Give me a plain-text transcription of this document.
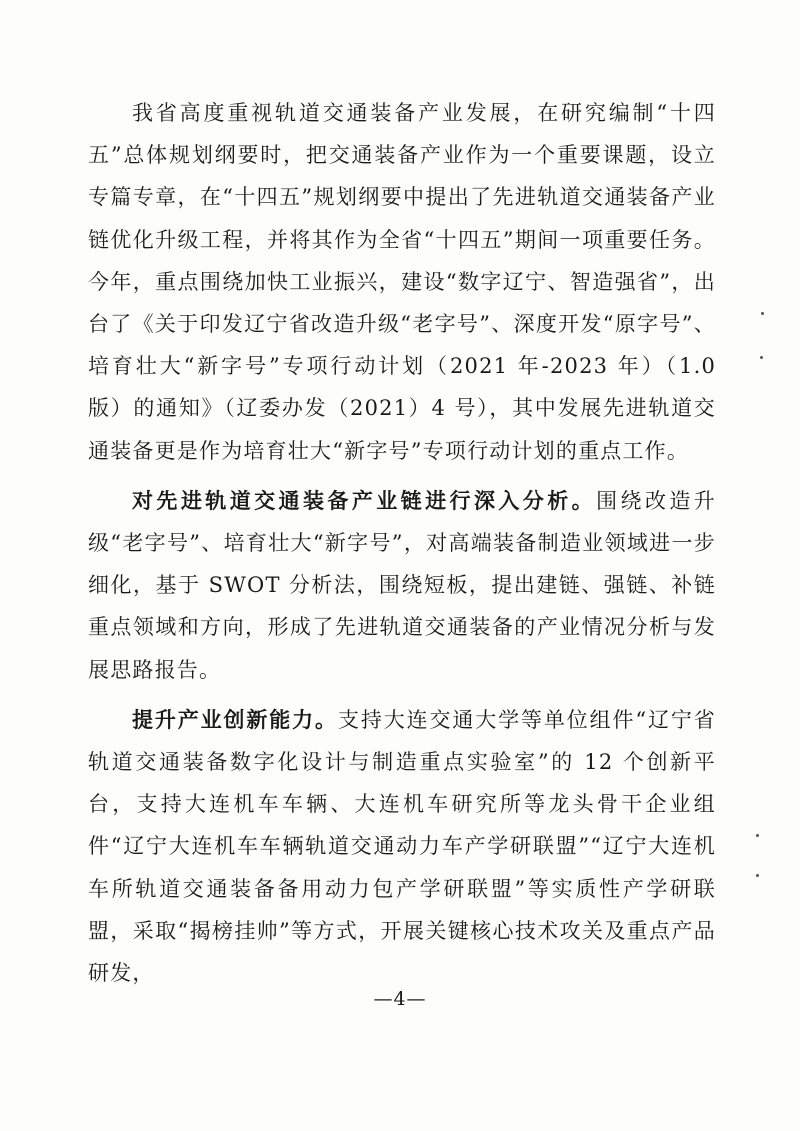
我省高度重视轨道交通装备产业发展，在研究编制“十四五”总体规划纲要时，把交通装备产业作为一个重要课题，设立专篇专章，在“十四五”规划纲要中提出了先进轨道交通装备产业链优化升级工程，并将其作为全省“十四五”期间一项重要任务。今年，重点围绕加快工业振兴，建设“数字辽宁、智造强省”，出台了《关于印发辽宁省改造升级“老字号”、深度开发“原字号”、培育壮大“新字号”专项行动计划（2021 年-2023 年）（1.0 版）的通知》（辽委办发（2021）4 号），其中发展先进轨道交通装备更是作为培育壮大“新字号”专项行动计划的重点工作。

对先进轨道交通装备产业链进行深入分析。围绕改造升级“老字号”、培育壮大“新字号”，对高端装备制造业领域进一步细化，基于 SWOT 分析法，围绕短板，提出建链、强链、补链重点领域和方向，形成了先进轨道交通装备的产业情况分析与发展思路报告。

提升产业创新能力。支持大连交通大学等单位组件“辽宁省轨道交通装备数字化设计与制造重点实验室”的 12 个创新平台，支持大连机车车辆、大连机车研究所等龙头骨干企业组件“辽宁大连机车车辆轨道交通动力车产学研联盟”“辽宁大连机车所轨道交通装备备用动力包产学研联盟”等实质性产学研联盟，采取“揭榜挂帅”等方式，开展关键核心技术攻关及重点产品研发，

—4—
